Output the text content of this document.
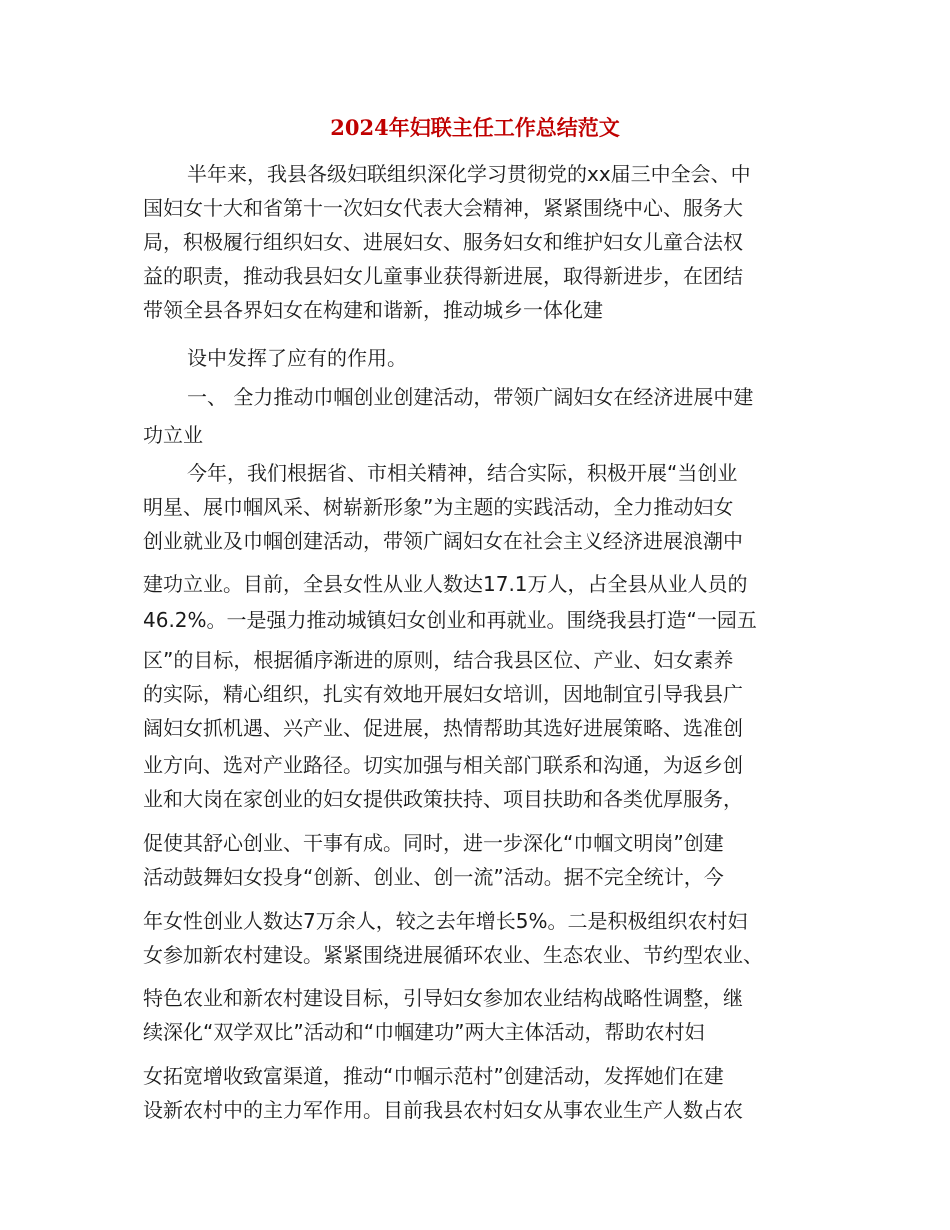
2024年妇联主任工作总结范文
半年来，我县各级妇联组织深化学习贯彻党的xx届三中全会、中
国妇女十大和省第十一次妇女代表大会精神，紧紧围绕中心、服务大
局，积极履行组织妇女、进展妇女、服务妇女和维护妇女儿童合法权
益的职责，推动我县妇女儿童事业获得新进展，取得新进步，在团结
带领全县各界妇女在构建和谐新，推动城乡一体化建
设中发挥了应有的作用。
一、 全力推动巾帼创业创建活动，带领广阔妇女在经济进展中建
功立业
今年，我们根据省、市相关精神，结合实际，积极开展“当创业
明星、展巾帼风采、树崭新形象”为主题的实践活动，全力推动妇女
创业就业及巾帼创建活动，带领广阔妇女在社会主义经济进展浪潮中
建功立业。目前，全县女性从业人数达17.1万人，占全县从业人员的
46.2%。一是强力推动城镇妇女创业和再就业。围绕我县打造“一园五
区”的目标，根据循序渐进的原则，结合我县区位、产业、妇女素养
的实际，精心组织，扎实有效地开展妇女培训，因地制宜引导我县广
阔妇女抓机遇、兴产业、促进展，热情帮助其选好进展策略、选准创
业方向、选对产业路径。切实加强与相关部门联系和沟通，为返乡创
业和大岗在家创业的妇女提供政策扶持、项目扶助和各类优厚服务，
促使其舒心创业、干事有成。同时，进一步深化“巾帼文明岗”创建
活动鼓舞妇女投身“创新、创业、创一流”活动。据不完全统计，今
年女性创业人数达7万余人，较之去年增长5%。二是积极组织农村妇
女参加新农村建设。紧紧围绕进展循环农业、生态农业、节约型农业、
特色农业和新农村建设目标，引导妇女参加农业结构战略性调整，继
续深化“双学双比”活动和“巾帼建功”两大主体活动，帮助农村妇
女拓宽增收致富渠道，推动“巾帼示范村”创建活动，发挥她们在建
设新农村中的主力军作用。目前我县农村妇女从事农业生产人数占农
